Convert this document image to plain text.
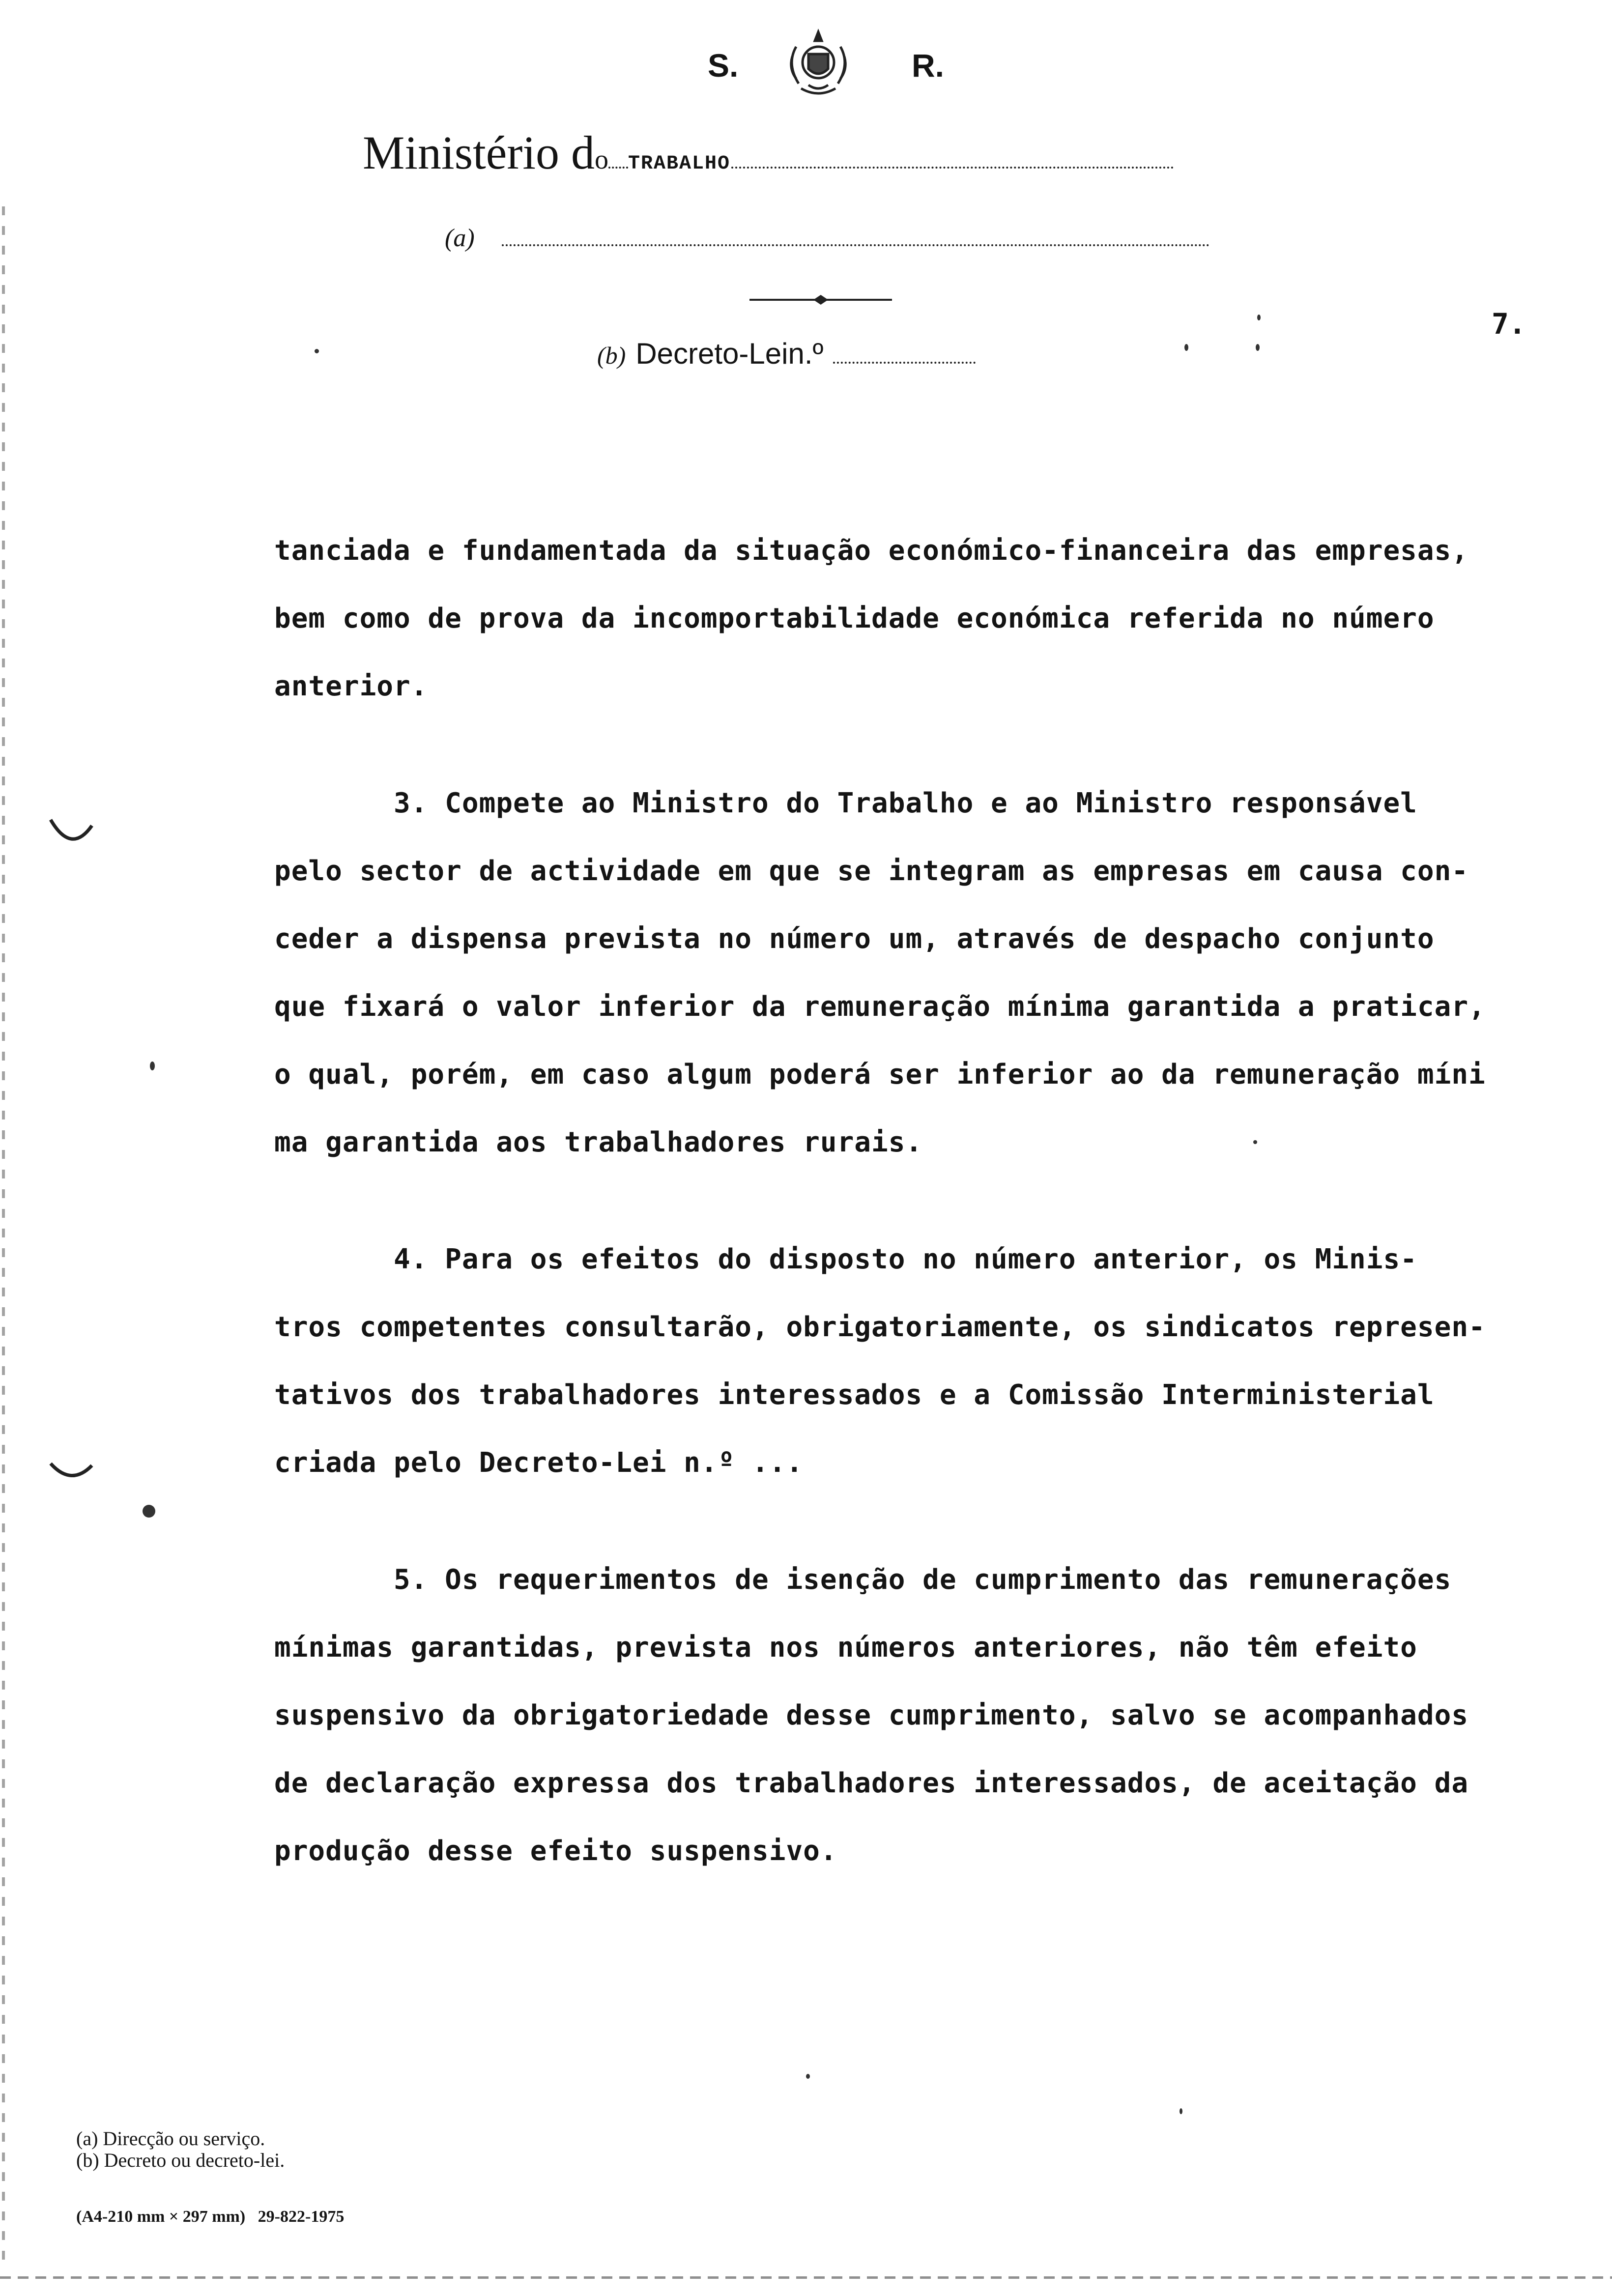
S.	R.
Ministério d o TRABALHO
(a)
(b) Decreto-Lein.º
7.

tanciada e fundamentada da situação económico-financeira das empresas,

bem como de prova da incomportabilidade económica referida no número

anterior.

3. Compete ao Ministro do Trabalho e ao Ministro responsável

pelo sector de actividade em que se integram as empresas em causa con-

ceder a dispensa prevista no número um, através de despacho conjunto

que fixará o valor inferior da remuneração mínima garantida a praticar,

o qual, porém, em caso algum poderá ser inferior ao da remuneração míni

ma garantida aos trabalhadores rurais.

4. Para os efeitos do disposto no número anterior, os Minis-

tros competentes consultarão, obrigatoriamente, os sindicatos represen-

tativos dos trabalhadores interessados e a Comissão Interministerial

criada pelo Decreto-Lei n.º ...

5. Os requerimentos de isenção de cumprimento das remunerações

mínimas garantidas, prevista nos números anteriores, não têm efeito

suspensivo da obrigatoriedade desse cumprimento, salvo se acompanhados

de declaração expressa dos trabalhadores interessados, de aceitação da

produção desse efeito suspensivo.

(a) Direcção ou serviço.
(b) Decreto ou decreto-lei.
(A4-210 mm × 297 mm)   29-822-1975
